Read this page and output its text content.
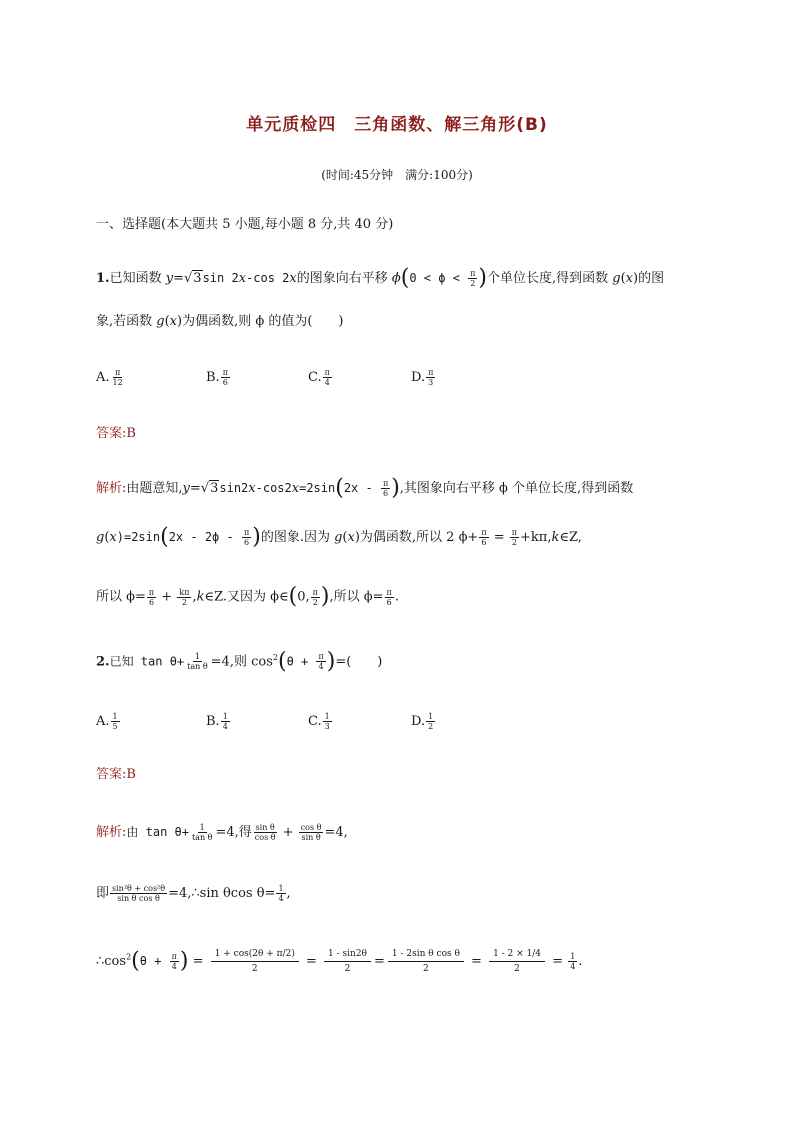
单元质检四　三角函数、解三角形(B)
(时间:45分钟　满分:100分)
一、选择题(本大题共 5 小题,每小题 8 分,共 40 分)
1.已知函数 y=√3sin 2x-cos 2x的图象向右平移 $\phi(0 < \phi < \frac{\pi}{2}$ )个单位长度,得到函数 g(x)的图
象,若函数 g(x)为偶函数,则 ϕ 的值为(　　)
A. $\frac{\pi}{12}$	B. $\frac{\pi}{6}$	C. $\frac{\pi}{4}$	D. $\frac{\pi}{3}$
答案:B
解析:由题意知$,y=√3\sin 2x-\cos 2x=2\sin(2x - \frac{\pi}{6}$ ),其图象向右平移 ϕ 个单位长度,得到函数
$g(x)=2\sin(2x - 2\phi - \frac{\pi}{6}$ )的图象.因为 g(x)为偶函数,所以 2 $\phi+ \frac{\pi}{6} = \frac{\pi}{2}$ +kπ,k∈Z,
所以 $\phi= \frac{\pi}{6} + \frac{k\pi}{2}$ ,k∈Z.又因为 ϕ∈(0, $\frac{\pi}{2}$ ),所以 $\phi= \frac{\pi}{6}$ .
2.已知 $\tan \theta+ \frac{1}{\text{tan θ}} =4$,则 $\cos^2(\theta + \frac{\pi}{4}$ )=(　　)
A. $\frac{1}{5}$	B. $\frac{1}{4}$	C. $\frac{1}{3}$	D. $\frac{1}{2}$
答案:B
解析:由 $\tan \theta+ \frac{1}{\text{tan θ}} =4$,得 $\frac{\text{sin θ}}{\text{cos θ}} + \frac{\text{cos θ}}{\text{sin θ}} =4$,
即 $\frac{\text{sin²θ + cos²θ}}{\text{sin θ cos θ}}$ =4,∴sin θcos $\theta= \frac{1}{4}$ ,
$\therefore\cos^2(\theta + \frac{\pi}{4}$ ) = $\frac{1 + \cos(2\theta + \pi/2)}{2} = \frac{1 - \sin 2\theta}{2} = \frac{\text{1 - 2sin θ cos θ}}{2} = \frac{1 - 2 \times 1/4}{2} = \frac{1}{4}$ .
